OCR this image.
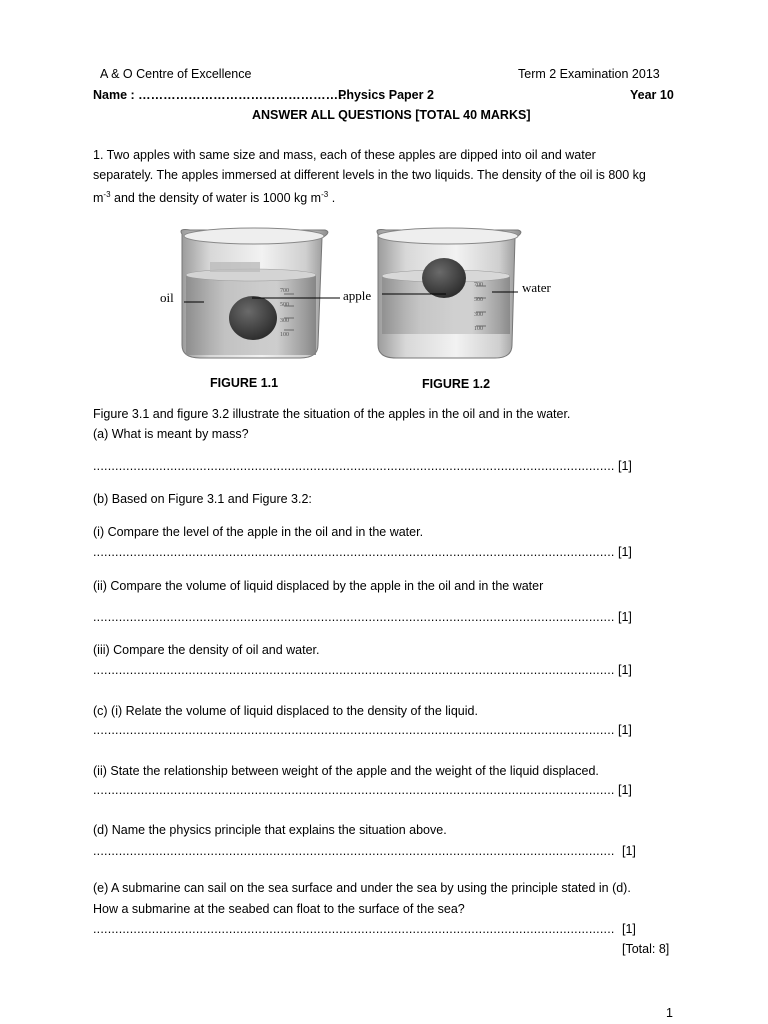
A & O Centre of Excellence	Term 2 Examination 2013
Name : ……………………………………………
Physics Paper 2	Year 10
ANSWER ALL QUESTIONS [TOTAL 40 MARKS]
1. Two apples with same size and mass, each of these apples are dipped into oil and water
separately. The apples immersed at different levels in the two liquids. The density of the oil is 800 kg
$m^{-3}$ and the density of water is 1000 kg $m^{-3}$ .
700
500
300
100
oil	apple
700
500
300
100
water
FIGURE 1.1	FIGURE 1.2
Figure 3.1 and figure 3.2 illustrate the situation of the apples in the oil and in the water.
(a) What is meant by mass?
.....
[1]
(b) Based on Figure 3.1 and Figure 3.2:
(i) Compare the level of the apple in the oil and in the water.
.....
[1]
(ii) Compare the volume of liquid displaced by the apple in the oil and in the water
.....
[1]
(iii) Compare the density of oil and water.
.....
[1]
(c) (i) Relate the volume of liquid displaced to the density of the liquid.
.....
[1]
(ii) State the relationship between weight of the apple and the weight of the liquid displaced.
.....
[1]
(d) Name the physics principle that explains the situation above.
.....
[1]
(e) A submarine can sail on the sea surface and under the sea by using the principle stated in (d).
How a submarine at the seabed can float to the surface of the sea?
.....
[1]
[Total: 8]
1
